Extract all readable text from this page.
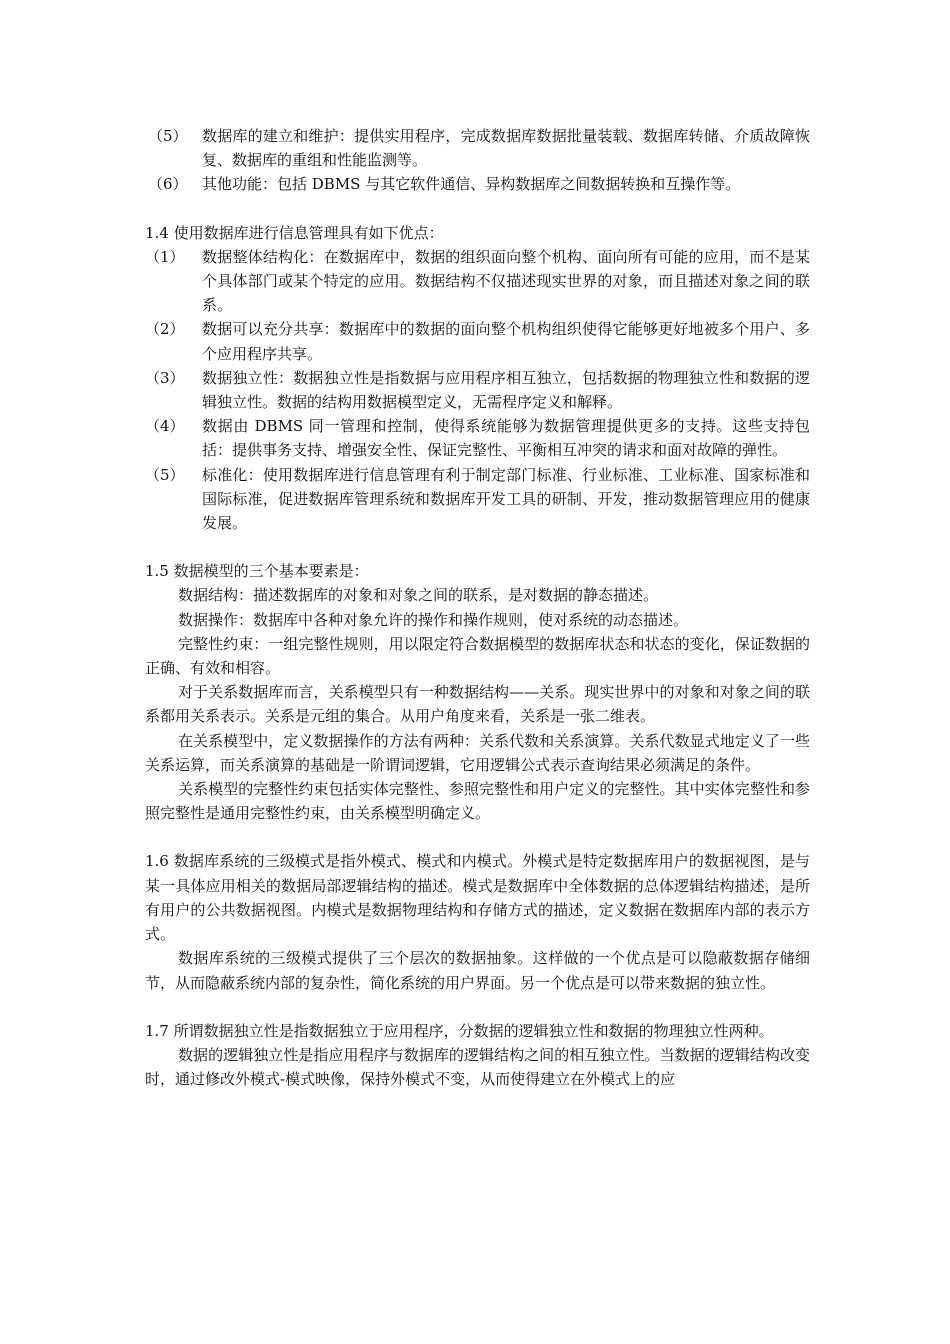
（5） 数据库的建立和维护：提供实用程序，完成数据库数据批量装载、数据库转储、介质故障恢复、数据库的重组和性能监测等。
（6） 其他功能：包括 DBMS 与其它软件通信、异构数据库之间数据转换和互操作等。

1.4 使用数据库进行信息管理具有如下优点：

（1）	数据整体结构化：在数据库中，数据的组织面向整个机构、面向所有可能的应用，而不是某个具体部门或某个特定的应用。数据结构不仅描述现实世界的对象，而且描述对象之间的联系。
（2）	数据可以充分共享：数据库中的数据的面向整个机构组织使得它能够更好地被多个用户、多个应用程序共享。
（3）	数据独立性：数据独立性是指数据与应用程序相互独立，包括数据的物理独立性和数据的逻辑独立性。数据的结构用数据模型定义，无需程序定义和解释。
（4）	数据由 DBMS 同一管理和控制，使得系统能够为数据管理提供更多的支持。这些支持包括：提供事务支持、增强安全性、保证完整性、平衡相互冲突的请求和面对故障的弹性。
（5）	标准化：使用数据库进行信息管理有利于制定部门标准、行业标准、工业标准、国家标准和国际标准，促进数据库管理系统和数据库开发工具的研制、开发，推动数据管理应用的健康发展。

1.5 数据模型的三个基本要素是：

数据结构：描述数据库的对象和对象之间的联系，是对数据的静态描述。

数据操作：数据库中各种对象允许的操作和操作规则，使对系统的动态描述。

完整性约束：一组完整性规则，用以限定符合数据模型的数据库状态和状态的变化，保证数据的正确、有效和相容。

对于关系数据库而言，关系模型只有一种数据结构——关系。现实世界中的对象和对象之间的联系都用关系表示。关系是元组的集合。从用户角度来看，关系是一张二维表。

在关系模型中，定义数据操作的方法有两种：关系代数和关系演算。关系代数显式地定义了一些关系运算，而关系演算的基础是一阶谓词逻辑，它用逻辑公式表示查询结果必须满足的条件。

关系模型的完整性约束包括实体完整性、参照完整性和用户定义的完整性。其中实体完整性和参照完整性是通用完整性约束，由关系模型明确定义。

1.6 数据库系统的三级模式是指外模式、模式和内模式。外模式是特定数据库用户的数据视图，是与某一具体应用相关的数据局部逻辑结构的描述。模式是数据库中全体数据的总体逻辑结构描述，是所有用户的公共数据视图。内模式是数据物理结构和存储方式的描述，定义数据在数据库内部的表示方式。

数据库系统的三级模式提供了三个层次的数据抽象。这样做的一个优点是可以隐蔽数据存储细节，从而隐蔽系统内部的复杂性，简化系统的用户界面。另一个优点是可以带来数据的独立性。

1.7 所谓数据独立性是指数据独立于应用程序，分数据的逻辑独立性和数据的物理独立性两种。

数据的逻辑独立性是指应用程序与数据库的逻辑结构之间的相互独立性。当数据的逻辑结构改变时，通过修改外模式-模式映像，保持外模式不变，从而使得建立在外模式上的应
